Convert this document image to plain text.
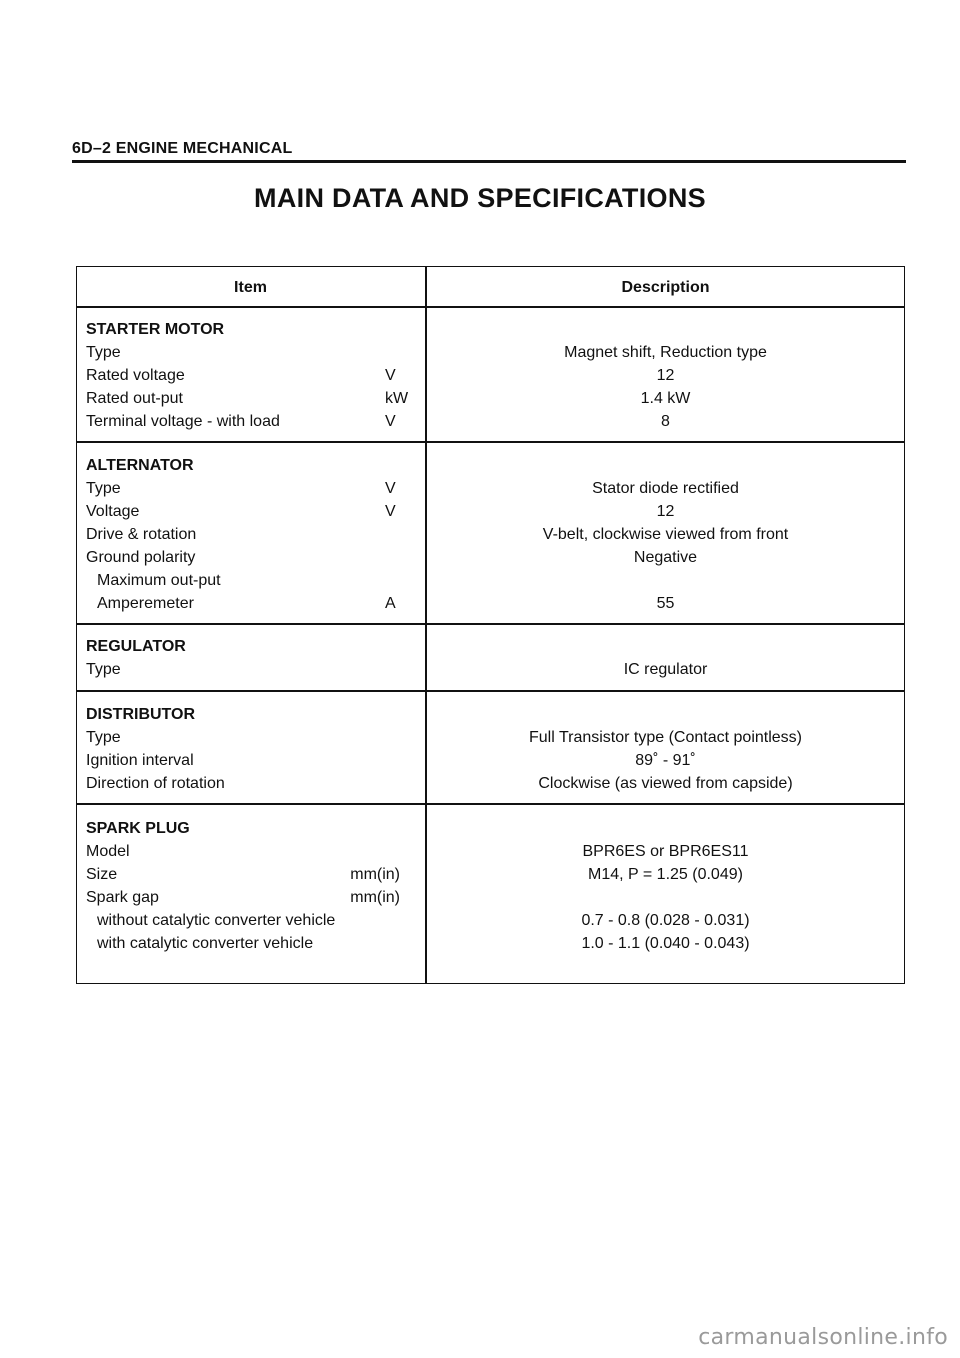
6D–2 ENGINE MECHANICAL
MAIN DATA AND SPECIFICATIONS
Item	Description
STARTER MOTOR
Type	Magnet shift, Reduction type
Rated voltage	V	12
Rated out-put	kW	1.4 kW
Terminal voltage - with load	V	8
ALTERNATOR
Type	V	Stator diode rectified
Voltage	V	12
Drive & rotation	V-belt, clockwise viewed from front
Ground polarity	Negative
Maximum out-put
Amperemeter	A	55
REGULATOR
Type	IC regulator
DISTRIBUTOR
Type	Full Transistor type (Contact pointless)
Ignition interval	89˚ - 91˚
Direction of rotation	Clockwise (as viewed from capside)
SPARK PLUG
Model	BPR6ES or BPR6ES11
Size	mm(in)	M14, P = 1.25 (0.049)
Spark gap	mm(in)
without catalytic converter vehicle	0.7 - 0.8 (0.028 - 0.031)
with catalytic converter vehicle	1.0 - 1.1 (0.040 - 0.043)
carmanualsonline.info
